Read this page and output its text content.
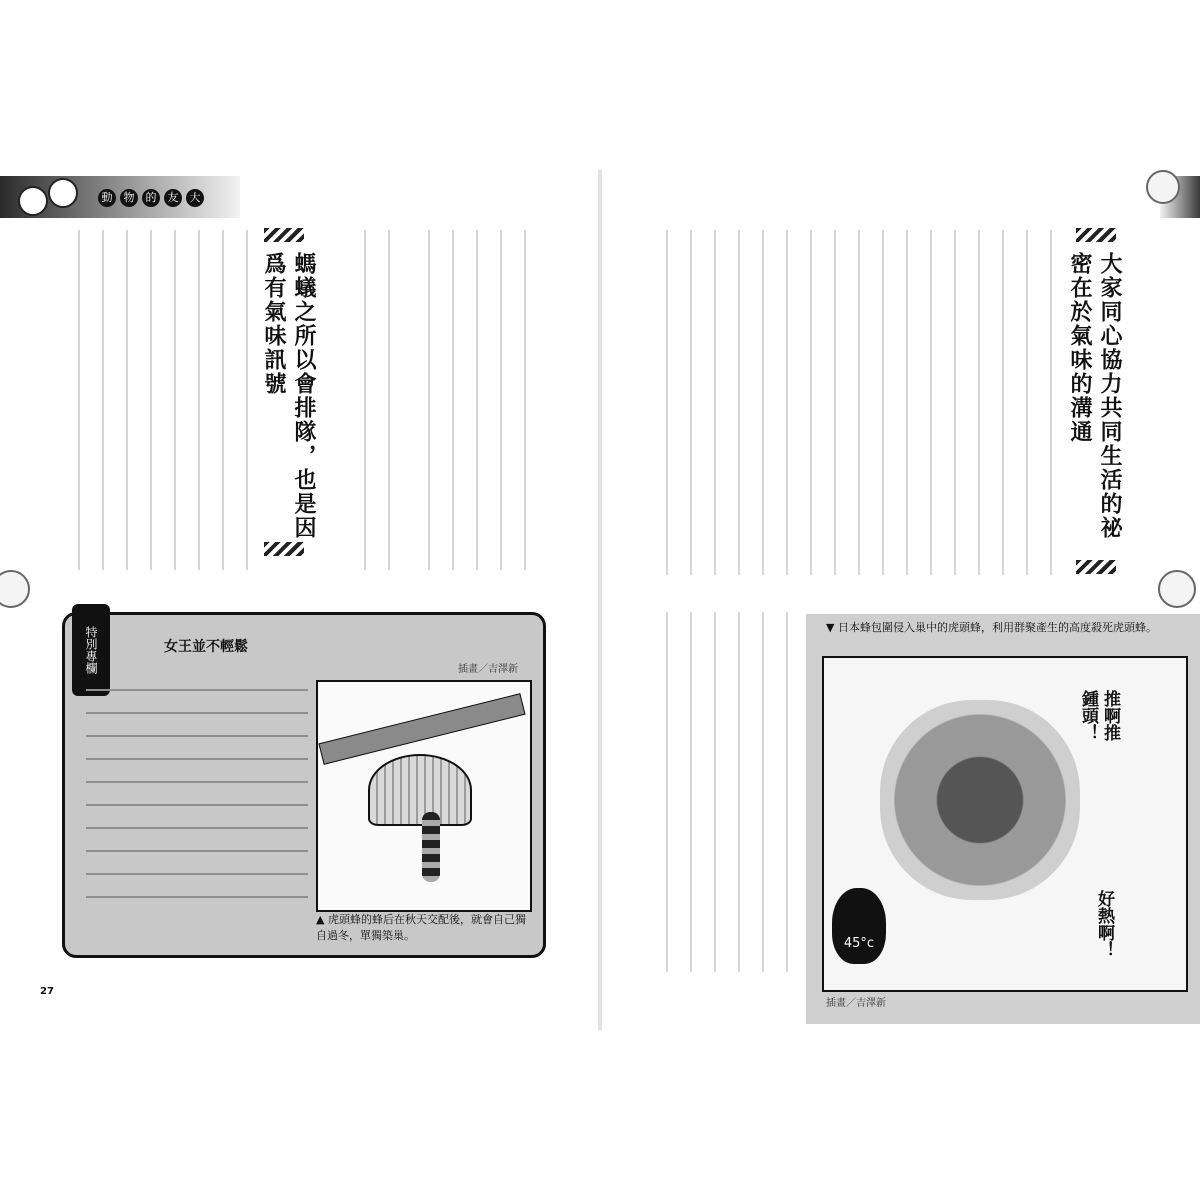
動	物	的	友	大
螞蟻之所以會排隊，也是因爲有氣味訊號
特別專欄	女王並不輕鬆
插畫／吉澤新
▲ 虎頭蜂的蜂后在秋天交配後，就會自己獨自過冬，單獨築巢。
27
大家同心協力共同生活的祕密在於氣味的溝通
▼ 日本蜂包圍侵入巢中的虎頭蜂，利用群聚產生的高度殺死虎頭蜂。
推啊推
鍾頭！
好熱啊！
45°c
插畫／吉澤新
